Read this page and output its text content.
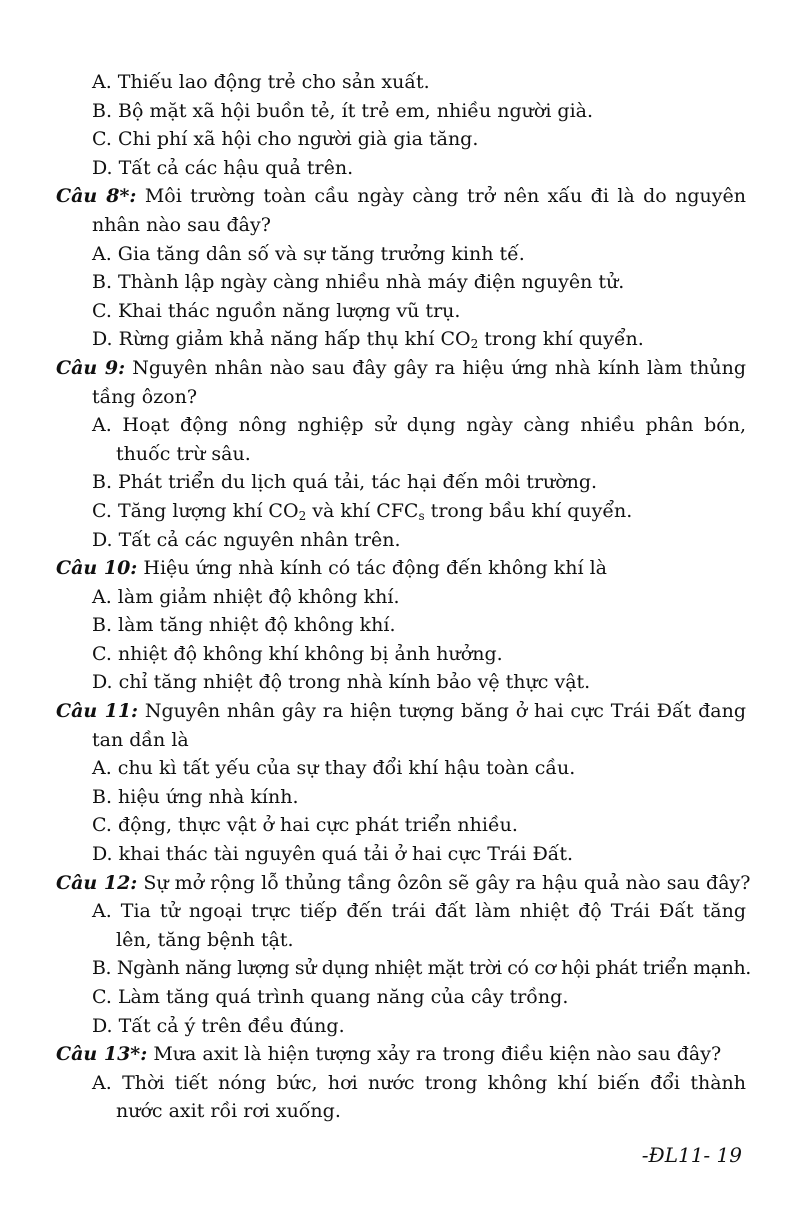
A. Thiếu lao động trẻ cho sản xuất.
B. Bộ mặt xã hội buồn tẻ, ít trẻ em, nhiều người già.
C. Chi phí xã hội cho người già gia tăng.
D. Tất cả các hậu quả trên.
Câu 8*: Môi trường toàn cầu ngày càng trở nên xấu đi là do nguyên
nhân nào sau đây?
A. Gia tăng dân số và sự tăng trưởng kinh tế.
B. Thành lập ngày càng nhiều nhà máy điện nguyên tử.
C. Khai thác nguồn năng lượng vũ trụ.
D. Rừng giảm khả năng hấp thụ khí $CO_2$ trong khí quyển.
Câu 9: Nguyên nhân nào sau đây gây ra hiệu ứng nhà kính làm thủng
tầng ôzon?
A. Hoạt động nông nghiệp sử dụng ngày càng nhiều phân bón,
thuốc trừ sâu.
B. Phát triển du lịch quá tải, tác hại đến môi trường.
C. Tăng lượng khí $CO_2$ và khí $CFC_s$ trong bầu khí quyển.
D. Tất cả các nguyên nhân trên.
Câu 10: Hiệu ứng nhà kính có tác động đến không khí là
A. làm giảm nhiệt độ không khí.
B. làm tăng nhiệt độ không khí.
C. nhiệt độ không khí không bị ảnh hưởng.
D. chỉ tăng nhiệt độ trong nhà kính bảo vệ thực vật.
Câu 11: Nguyên nhân gây ra hiện tượng băng ở hai cực Trái Đất đang
tan dần là
A. chu kì tất yếu của sự thay đổi khí hậu toàn cầu.
B. hiệu ứng nhà kính.
C. động, thực vật ở hai cực phát triển nhiều.
D. khai thác tài nguyên quá tải ở hai cực Trái Đất.
Câu 12: Sự mở rộng lỗ thủng tầng ôzôn sẽ gây ra hậu quả nào sau đây?
A. Tia tử ngoại trực tiếp đến trái đất làm nhiệt độ Trái Đất tăng
lên, tăng bệnh tật.
B. Ngành năng lượng sử dụng nhiệt mặt trời có cơ hội phát triển mạnh.
C. Làm tăng quá trình quang năng của cây trồng.
D. Tất cả ý trên đều đúng.
Câu 13*: Mưa axit là hiện tượng xảy ra trong điều kiện nào sau đây?
A. Thời tiết nóng bức, hơi nước trong không khí biến đổi thành
nước axit rồi rơi xuống.
-ĐL11- 19
